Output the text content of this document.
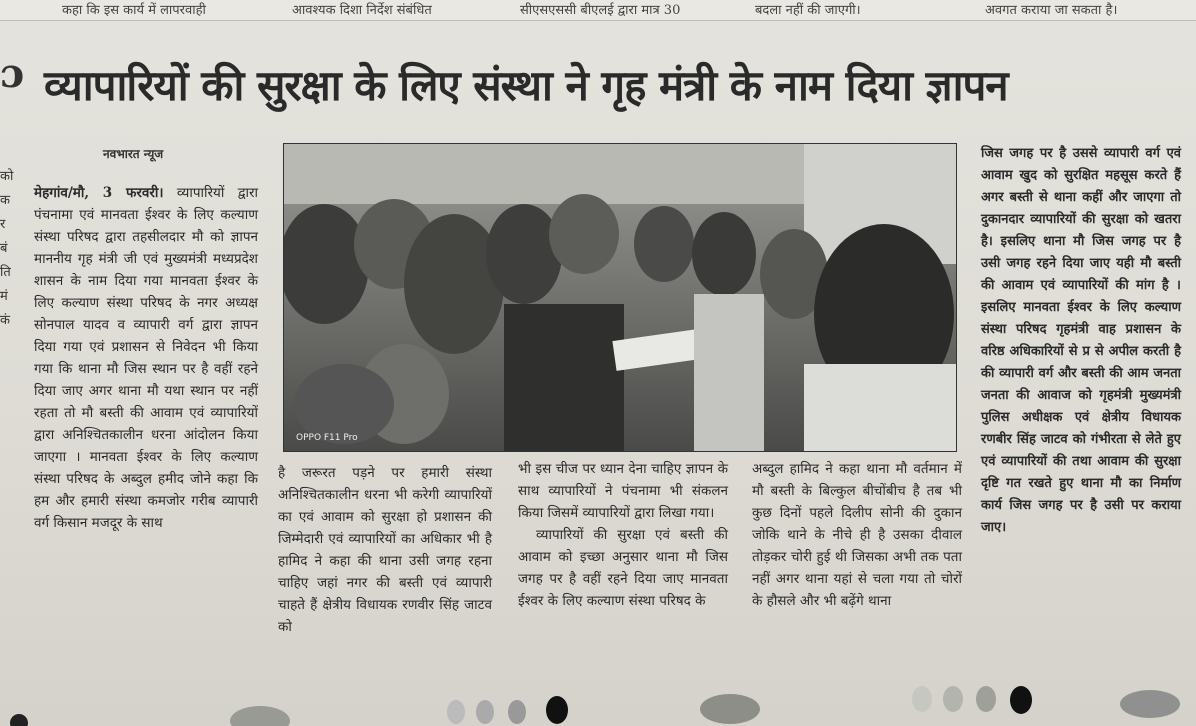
कहा कि इस कार्य में लापरवाही	आवश्यक दिशा निर्देश संबंधित	सीएसएससी बीएलई द्वारा मात्र 30	बदला नहीं की जाएगी।	अवगत कराया जा सकता है।
ɔ
को
क
र
बं
ति
मं
कं
व्यापारियों की सुरक्षा के लिए संस्था ने गृह मंत्री के नाम दिया ज्ञापन
नवभारत न्यूज

मेहगांव/मौ, 3 फरवरी। व्यापारियों द्वारा पंचनामा एवं मानवता ईश्वर के लिए कल्याण संस्था परिषद द्वारा तहसीलदार मौ को ज्ञापन माननीय गृह मंत्री जी एवं मुख्यमंत्री मध्यप्रदेश शासन के नाम दिया गया मानवता ईश्वर के लिए कल्याण संस्था परिषद के नगर अध्यक्ष सोनपाल यादव व व्यापारी वर्ग द्वारा ज्ञापन दिया गया एवं प्रशासन से निवेदन भी किया गया कि थाना मौ जिस स्थान पर है वहीं रहने दिया जाए अगर थाना मौ यथा स्थान पर नहीं रहता तो मौ बस्ती की आवाम एवं व्यापारियों द्वारा अनिश्चितकालीन धरना आंदोलन किया जाएगा । मानवता ईश्वर के लिए कल्याण संस्था परिषद के अब्दुल हमीद जोने कहा कि हम और हमारी संस्था कमजोर गरीब व्यापारी वर्ग किसान मजदूर के साथ

OPPO F11 Pro

है जरूरत पड़ने पर हमारी संस्था अनिश्चितकालीन धरना भी करेगी व्यापारियों का एवं आवाम को सुरक्षा हो प्रशासन की जिम्मेदारी एवं व्यापारियों का अधिकार भी है हामिद ने कहा की थाना उसी जगह रहना चाहिए जहां नगर की बस्ती एवं व्यापारी चाहते हैं क्षेत्रीय विधायक रणवीर सिंह जाटव को

भी इस चीज पर ध्यान देना चाहिए ज्ञापन के साथ व्यापारियों ने पंचनामा भी संकलन किया जिसमें व्यापारियों द्वारा लिखा गया।

व्यापारियों की सुरक्षा एवं बस्ती की आवाम को इच्छा अनुसार थाना मौ जिस जगह पर है वहीं रहने दिया जाए मानवता ईश्वर के लिए कल्याण संस्था परिषद के

अब्दुल हामिद ने कहा थाना मौ वर्तमान में मौ बस्ती के बिल्कुल बीचोंबीच है तब भी कुछ दिनों पहले दिलीप सोनी की दुकान जोकि थाने के नीचे ही है उसका दीवाल तोड़कर चोरी हुई थी जिसका अभी तक पता नहीं अगर थाना यहां से चला गया तो चोरों के हौसले और भी बढ़ेंगे थाना

जिस जगह पर है उससे व्यापारी वर्ग एवं आवाम खुद को सुरक्षित महसूस करते हैं अगर बस्ती से थाना कहीं और जाएगा तो दुकानदार व्यापारियों की सुरक्षा को खतरा है। इसलिए थाना मौ जिस जगह पर है उसी जगह रहने दिया जाए यही मौ बस्ती की आवाम एवं व्यापारियों की मांग है । इसलिए मानवता ईश्वर के लिए कल्याण संस्था परिषद गृहमंत्री वाह प्रशासन के वरिष्ठ अधिकारियों से प्र से अपील करती है की व्यापारी वर्ग और बस्ती की आम जनता जनता की आवाज को गृहमंत्री मुख्यमंत्री पुलिस अधीक्षक एवं क्षेत्रीय विधायक रणबीर सिंह जाटव को गंभीरता से लेते हुए एवं व्यापारियों की तथा आवाम की सुरक्षा दृष्टि गत रखते हुए थाना मौ का निर्माण कार्य जिस जगह पर है उसी पर कराया जाए।
